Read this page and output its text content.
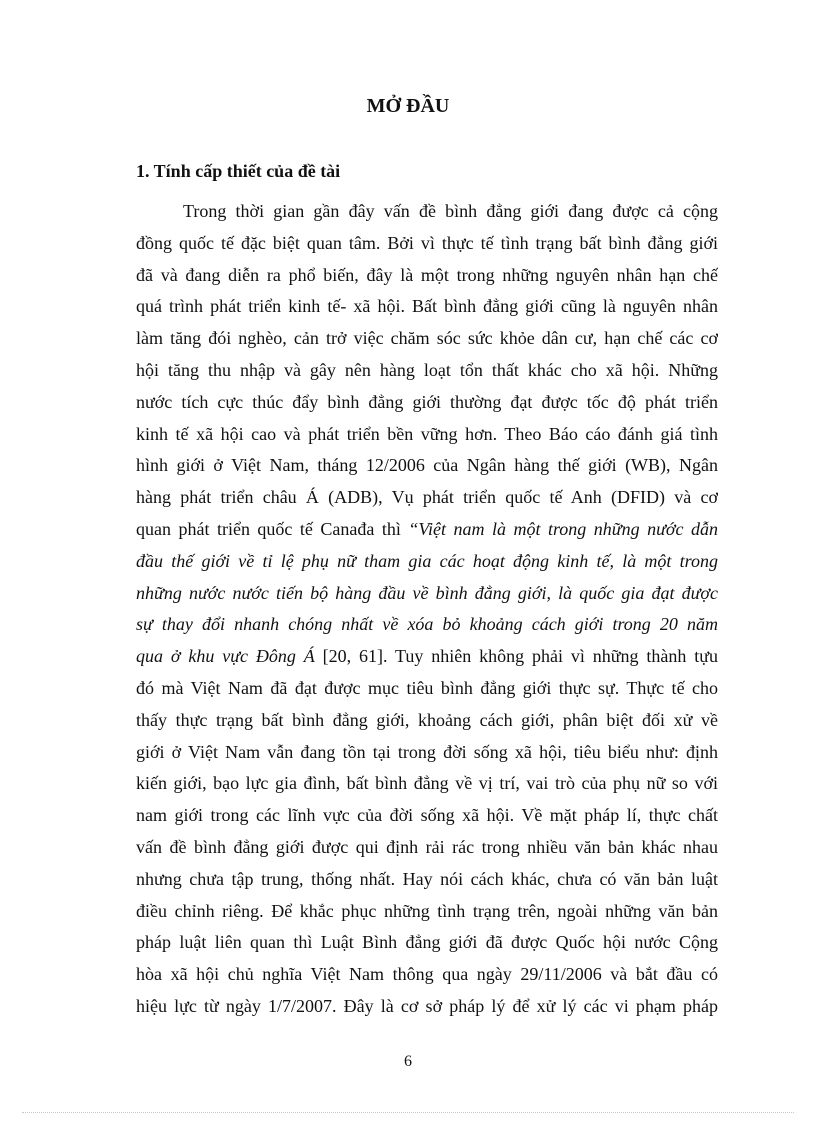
MỞ ĐẦU
1. Tính cấp thiết của đề tài
Trong thời gian gần đây vấn đề bình đẳng giới đang được cả cộng
đồng quốc tế đặc biệt quan tâm. Bởi vì thực tế tình trạng bất bình đẳng giới
đã và đang diễn ra phổ biến, đây là một trong những nguyên nhân hạn chế
quá trình phát triển kinh tế- xã hội. Bất bình đẳng giới cũng là nguyên nhân
làm tăng đói nghèo, cản trở việc chăm sóc sức khỏe dân cư, hạn chế các cơ
hội tăng thu nhập và gây nên hàng loạt tổn thất khác cho xã hội. Những
nước tích cực thúc đẩy bình đẳng giới thường đạt được tốc độ phát triển
kinh tế xã hội cao và phát triển bền vững hơn. Theo Báo cáo đánh giá tình
hình giới ở Việt Nam, tháng 12/2006 của Ngân hàng thế giới (WB), Ngân
hàng phát triển châu Á (ADB), Vụ phát triển quốc tế Anh (DFID) và cơ
quan phát triển quốc tế Canađa thì “Việt nam là một trong những nước dẫn
đầu thế giới về tỉ lệ phụ nữ tham gia các hoạt động kinh tế, là một trong
những nước nước tiến bộ hàng đầu về bình đẳng giới, là quốc gia đạt được
sự thay đổi nhanh chóng nhất về xóa bỏ khoảng cách giới trong 20 năm
qua ở khu vực Đông Á [20, 61]. Tuy nhiên không phải vì những thành tựu
đó mà Việt Nam đã đạt được mục tiêu bình đẳng giới thực sự. Thực tế cho
thấy thực trạng bất bình đẳng giới, khoảng cách giới, phân biệt đối xử về
giới ở Việt Nam vẫn đang tồn tại trong đời sống xã hội, tiêu biểu như: định
kiến giới, bạo lực gia đình, bất bình đẳng về vị trí, vai trò của phụ nữ so với
nam giới trong các lĩnh vực của đời sống xã hội. Về mặt pháp lí, thực chất
vấn đề bình đẳng giới được qui định rải rác trong nhiều văn bản khác nhau
nhưng chưa tập trung, thống nhất. Hay nói cách khác, chưa có văn bản luật
điều chỉnh riêng. Để khắc phục những tình trạng trên, ngoài những văn bản
pháp luật liên quan thì Luật Bình đẳng giới đã được Quốc hội nước Cộng
hòa xã hội chủ nghĩa Việt Nam thông qua ngày 29/11/2006 và bắt đầu có
hiệu lực từ ngày 1/7/2007. Đây là cơ sở pháp lý để xử lý các vi phạm pháp
6
